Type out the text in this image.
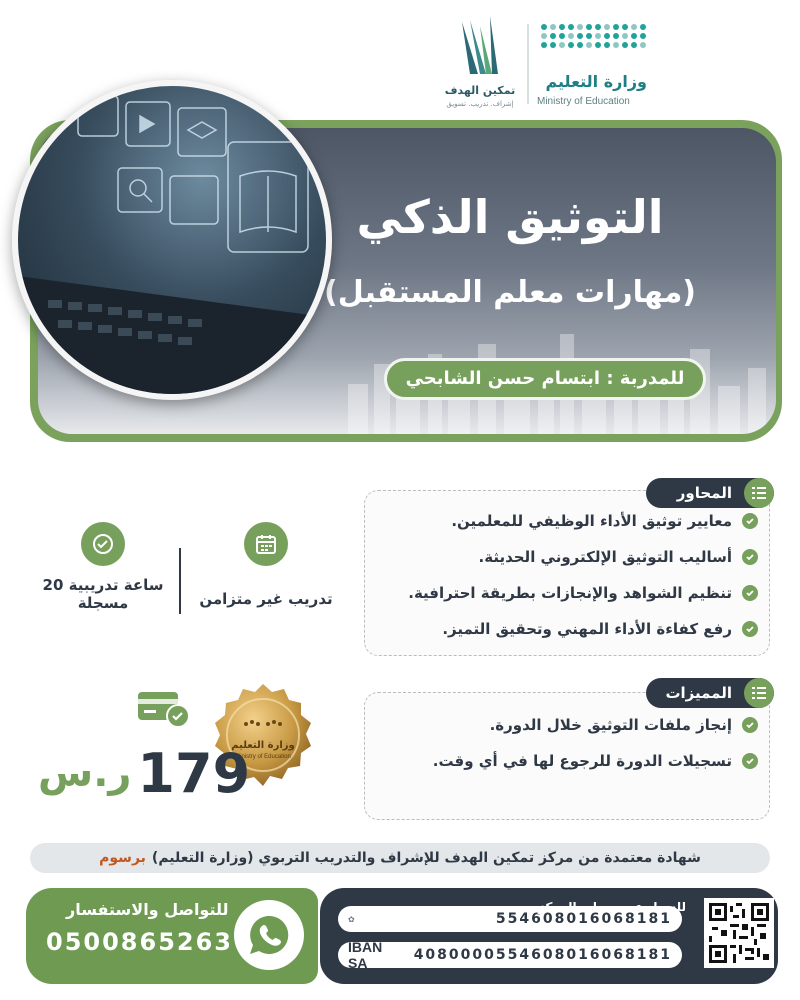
تمكين الهدف
إشراف. تدريب. تسويق
وزارة التعليم
Ministry of Education
التوثيق الذكي
(مهارات معلم المستقبل)
للمدربة : ابتسام حسن الشابحي
المحاور
معايير توثيق الأداء الوظيفي للمعلمين.
أساليب التوثيق الإلكتروني الحديثة.
تنظيم الشواهد والإنجازات بطريقة احترافية.
رفع كفاءة الأداء المهني وتحقيق التميز.
المميزات
إنجاز ملفات التوثيق خلال الدورة.
تسجيلات الدورة للرجوع لها في أي وقت.
20 ساعة تدريبية
مسجلة	تدريب غير متزامن
وزارة التعليم
Ministry of Education
ر.س 179
شهادة معتمدة من مركز تمكين الهدف للإشراف والتدريب التربوي (وزارة التعليم)
برسوم
للتواصل والاستفسار
0500865263
✿	554608016068181
IBAN SA	4080000554608016068181
للسداد عبر حساب المركز
